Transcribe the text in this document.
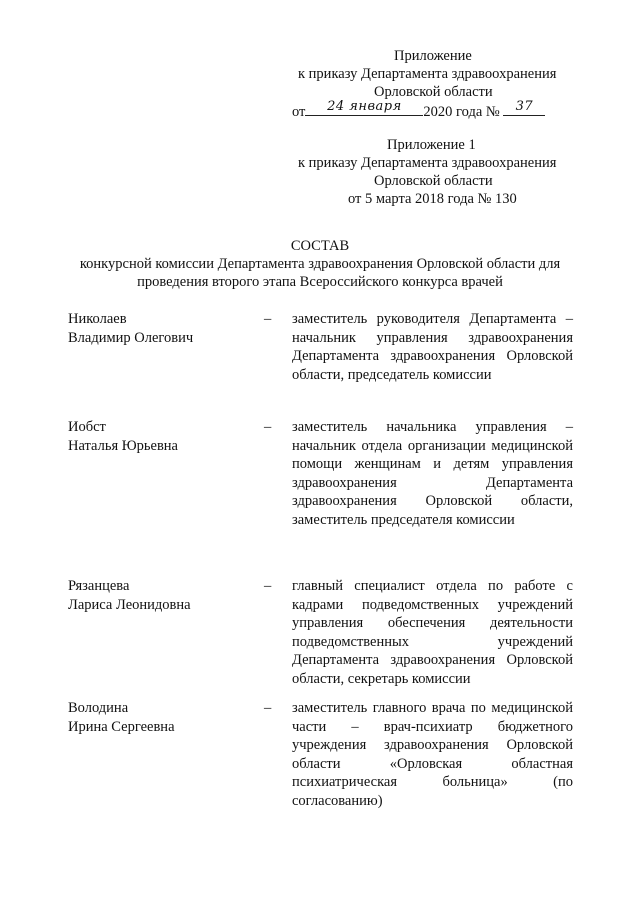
Приложение
к приказу Департамента здравоохранения
Орловской области
от	24 января	2020 года №	37
Приложение 1
к приказу Департамента здравоохранения
Орловской области
от 5 марта 2018 года № 130
СОСТАВ
конкурсной комиссии Департамента здравоохранения Орловской области для
проведения второго этапа Всероссийского конкурса врачей
Николаев
Владимир Олегович
– заместитель руководителя Департамента – начальник управления здравоохранения Департамента здравоохранения Орловской области, председатель комиссии
Иобст
Наталья Юрьевна
– заместитель начальника управления – начальник отдела организации медицинской помощи женщинам и детям управления здравоохранения Департамента здравоохранения Орловской области, заместитель председателя комиссии
Рязанцева
Лариса Леонидовна
– главный специалист отдела по работе с кадрами подведомственных учреждений управления обеспечения деятельности подведомственных учреждений Департамента здравоохранения Орловской области, секретарь комиссии
Володина
Ирина Сергеевна
– заместитель главного врача по медицинской части – врач-психиатр бюджетного учреждения здравоохранения Орловской области «Орловская областная психиатрическая больница» (по согласованию)
